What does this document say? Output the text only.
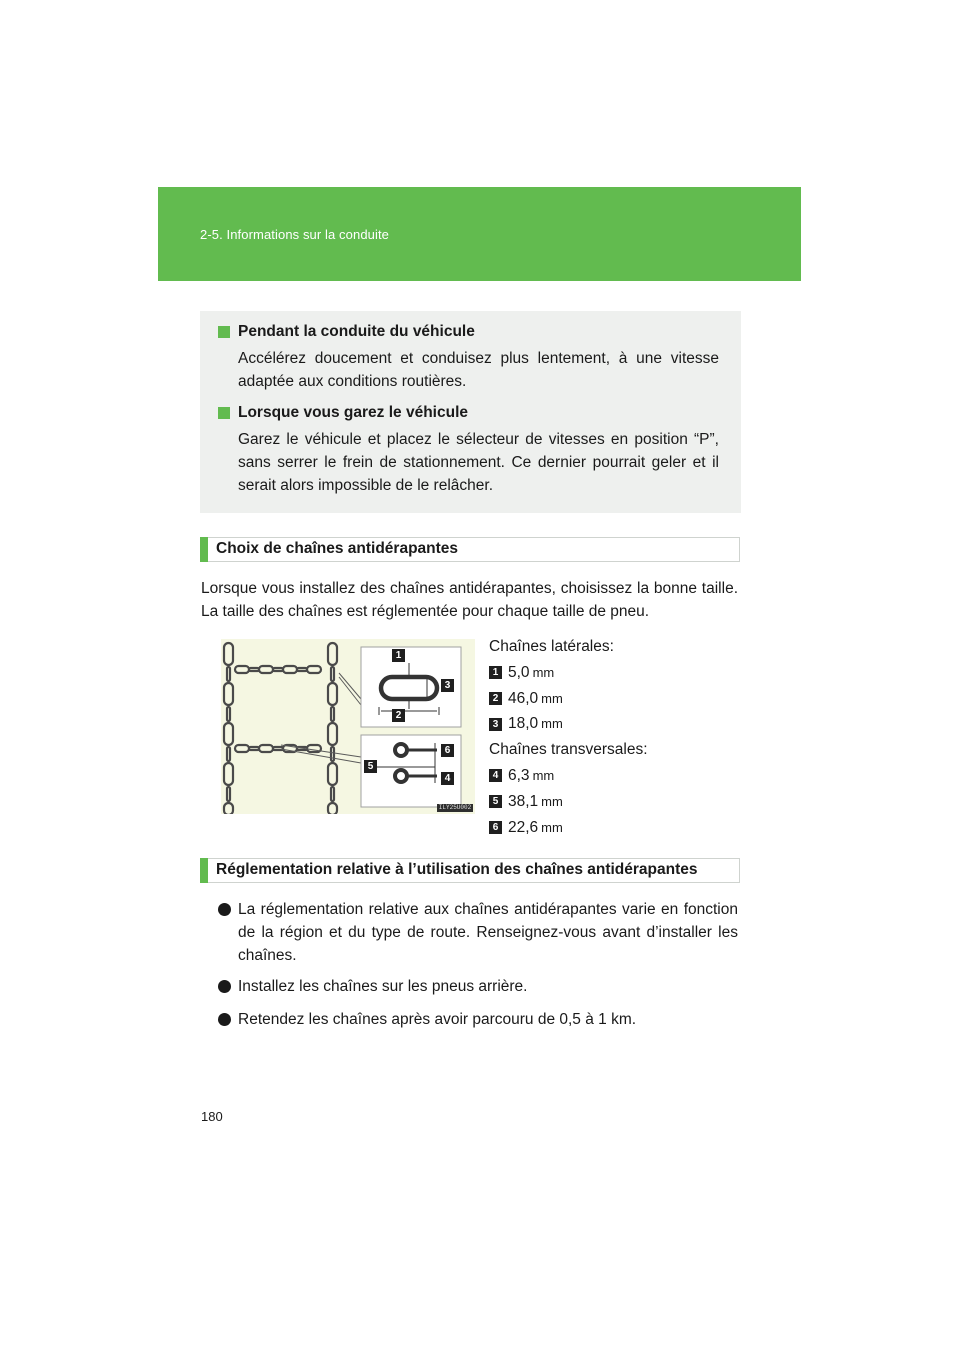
2-5. Informations sur la conduite
Pendant la conduite du véhicule
Accélérez doucement et conduisez plus lentement, à une vitesse adaptée aux conditions routières.
Lorsque vous garez le véhicule
Garez le véhicule et placez le sélecteur de vitesses en position “P”, sans serrer le frein de stationnement. Ce dernier pourrait geler et il serait alors impossible de le relâcher.
Choix de chaînes antidérapantes
Lorsque vous installez des chaînes antidérapantes, choisissez la bonne taille. La taille des chaînes est réglementée pour chaque taille de pneu.
1
2
3
4
5
6
ILY25U002
Chaînes latérales:
1 5,0 mm
2 46,0 mm
3 18,0 mm
Chaînes transversales:
4 6,3 mm
5 38,1 mm
6 22,6 mm
Réglementation relative à l’utilisation des chaînes antidérapantes
La réglementation relative aux chaînes antidérapantes varie en fonction de la région et du type de route. Renseignez-vous avant d’installer les chaînes.
Installez les chaînes sur les pneus arrière.
Retendez les chaînes après avoir parcouru de 0,5 à 1 km.
180
